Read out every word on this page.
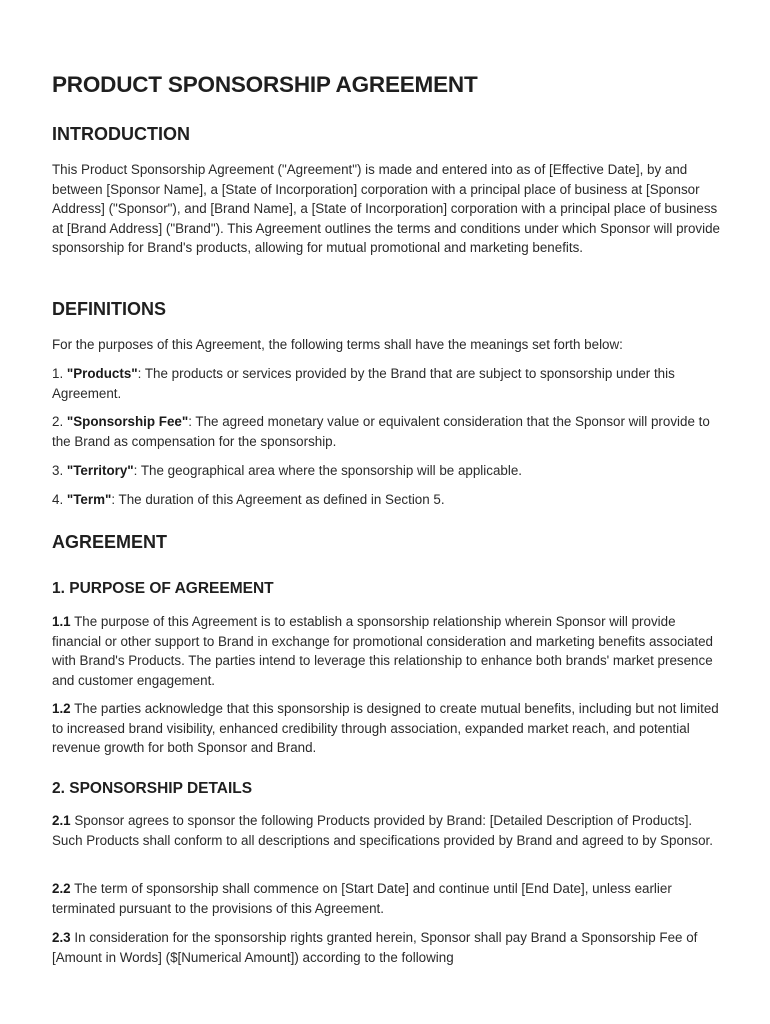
PRODUCT SPONSORSHIP AGREEMENT
INTRODUCTION

This Product Sponsorship Agreement ("Agreement") is made and entered into as of [Effective Date], by and between [Sponsor Name], a [State of Incorporation] corporation with a principal place of business at [Sponsor Address] ("Sponsor"), and [Brand Name], a [State of Incorporation] corporation with a principal place of business at [Brand Address] ("Brand"). This Agreement outlines the terms and conditions under which Sponsor will provide sponsorship for Brand's products, allowing for mutual promotional and marketing benefits.

DEFINITIONS

For the purposes of this Agreement, the following terms shall have the meanings set forth below:

1. "Products": The products or services provided by the Brand that are subject to sponsorship under this Agreement.

2. "Sponsorship Fee": The agreed monetary value or equivalent consideration that the Sponsor will provide to the Brand as compensation for the sponsorship.

3. "Territory": The geographical area where the sponsorship will be applicable.

4. "Term": The duration of this Agreement as defined in Section 5.

AGREEMENT
1. PURPOSE OF AGREEMENT

1.1 The purpose of this Agreement is to establish a sponsorship relationship wherein Sponsor will provide financial or other support to Brand in exchange for promotional consideration and marketing benefits associated with Brand's Products. The parties intend to leverage this relationship to enhance both brands' market presence and customer engagement.

1.2 The parties acknowledge that this sponsorship is designed to create mutual benefits, including but not limited to increased brand visibility, enhanced credibility through association, expanded market reach, and potential revenue growth for both Sponsor and Brand.

2. SPONSORSHIP DETAILS

2.1 Sponsor agrees to sponsor the following Products provided by Brand: [Detailed Description of Products]. Such Products shall conform to all descriptions and specifications provided by Brand and agreed to by Sponsor.

2.2 The term of sponsorship shall commence on [Start Date] and continue until [End Date], unless earlier terminated pursuant to the provisions of this Agreement.

2.3 In consideration for the sponsorship rights granted herein, Sponsor shall pay Brand a Sponsorship Fee of [Amount in Words] ($[Numerical Amount]) according to the following
